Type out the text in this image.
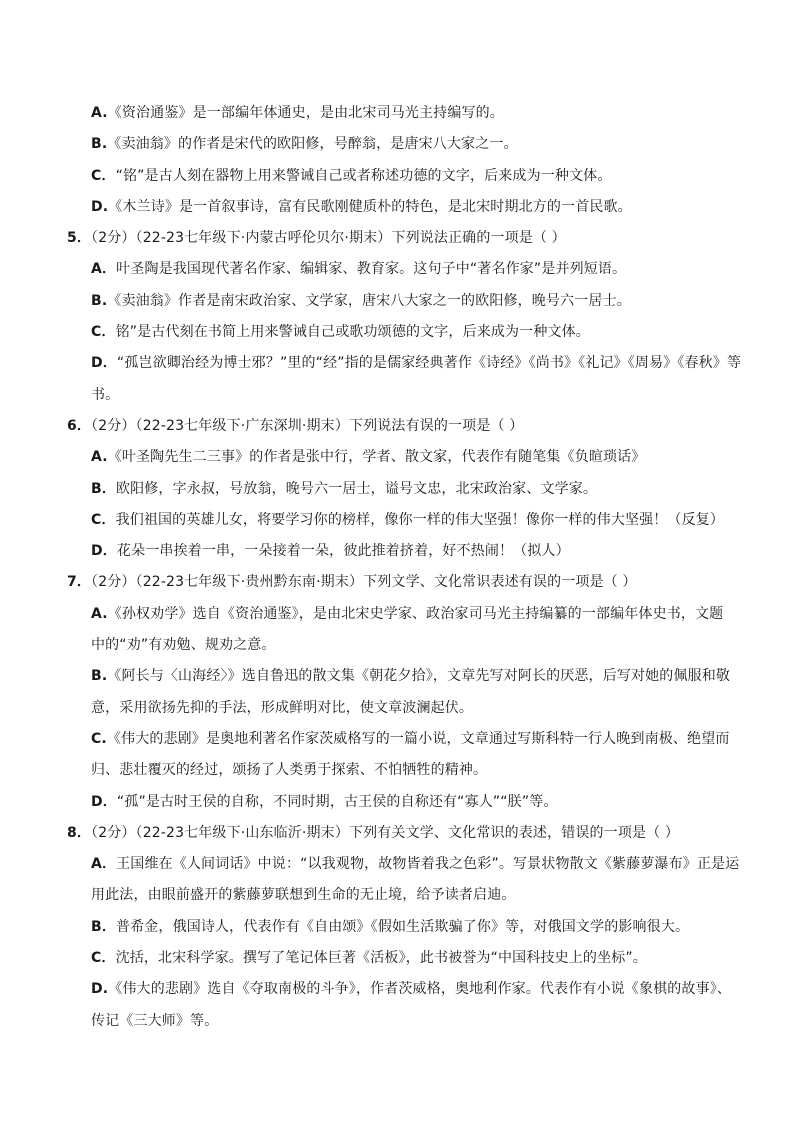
A.《资治通鉴》是一部编年体通史，是由北宋司马光主持编写的。
B.《卖油翁》的作者是宋代的欧阳修，号醉翁，是唐宋八大家之一。
C．“铭”是古人刻在器物上用来警诫自己或者称述功德的文字，后来成为一种文体。
D.《木兰诗》是一首叙事诗，富有民歌刚健质朴的特色，是北宋时期北方的一首民歌。
5．（2分）（22-23七年级下·内蒙古呼伦贝尔·期末）下列说法正确的一项是（ ）
A．叶圣陶是我国现代著名作家、编辑家、教育家。这句子中“著名作家”是并列短语。
B.《卖油翁》作者是南宋政治家、文学家，唐宋八大家之一的欧阳修，晚号六一居士。
C．铭”是古代刻在书简上用来警诫自己或歌功颂德的文字，后来成为一种文体。
D．“孤岂欲卿治经为博士邪？”里的“经”指的是儒家经典著作《诗经》《尚书》《礼记》《周易》《春秋》等
书。
6．（2分）（22-23七年级下·广东深圳·期末）下列说法有误的一项是（ ）
A.《叶圣陶先生二三事》的作者是张中行，学者、散文家，代表作有随笔集《负暄琐话》
B．欧阳修，字永叔，号放翁，晚号六一居士，谥号文忠，北宋政治家、文学家。
C．我们祖国的英雄儿女，将要学习你的榜样，像你一样的伟大坚强！像你一样的伟大坚强！（反复）
D．花朵一串挨着一串，一朵接着一朵，彼此推着挤着，好不热闹！（拟人）
7．（2分）（22-23七年级下·贵州黔东南·期末）下列文学、文化常识表述有误的一项是（ ）
A.《孙权劝学》选自《资治通鉴》，是由北宋史学家、政治家司马光主持编纂的一部编年体史书，文题
中的“劝”有劝勉、规劝之意。
B.《阿长与〈山海经〉》选自鲁迅的散文集《朝花夕拾》，文章先写对阿长的厌恶，后写对她的佩服和敬
意，采用欲扬先抑的手法，形成鲜明对比，使文章波澜起伏。
C.《伟大的悲剧》是奥地利著名作家茨威格写的一篇小说，文章通过写斯科特一行人晚到南极、绝望而
归、悲壮覆灭的经过，颂扬了人类勇于探索、不怕牺牲的精神。
D．“孤”是古时王侯的自称，不同时期，古王侯的自称还有“寡人”“朕”等。
8．（2分）（22-23七年级下·山东临沂·期末）下列有关文学、文化常识的表述，错误的一项是（ ）
A．王国维在《人间词话》中说：“以我观物，故物皆着我之色彩”。写景状物散文《紫藤萝瀑布》正是运
用此法，由眼前盛开的紫藤萝联想到生命的无止境，给予读者启迪。
B．普希金，俄国诗人，代表作有《自由颂》《假如生活欺骗了你》等，对俄国文学的影响很大。
C．沈括，北宋科学家。撰写了笔记体巨著《活板》，此书被誉为“中国科技史上的坐标”。
D.《伟大的悲剧》选自《夺取南极的斗争》，作者茨威格，奥地利作家。代表作有小说《象棋的故事》、
传记《三大师》等。
